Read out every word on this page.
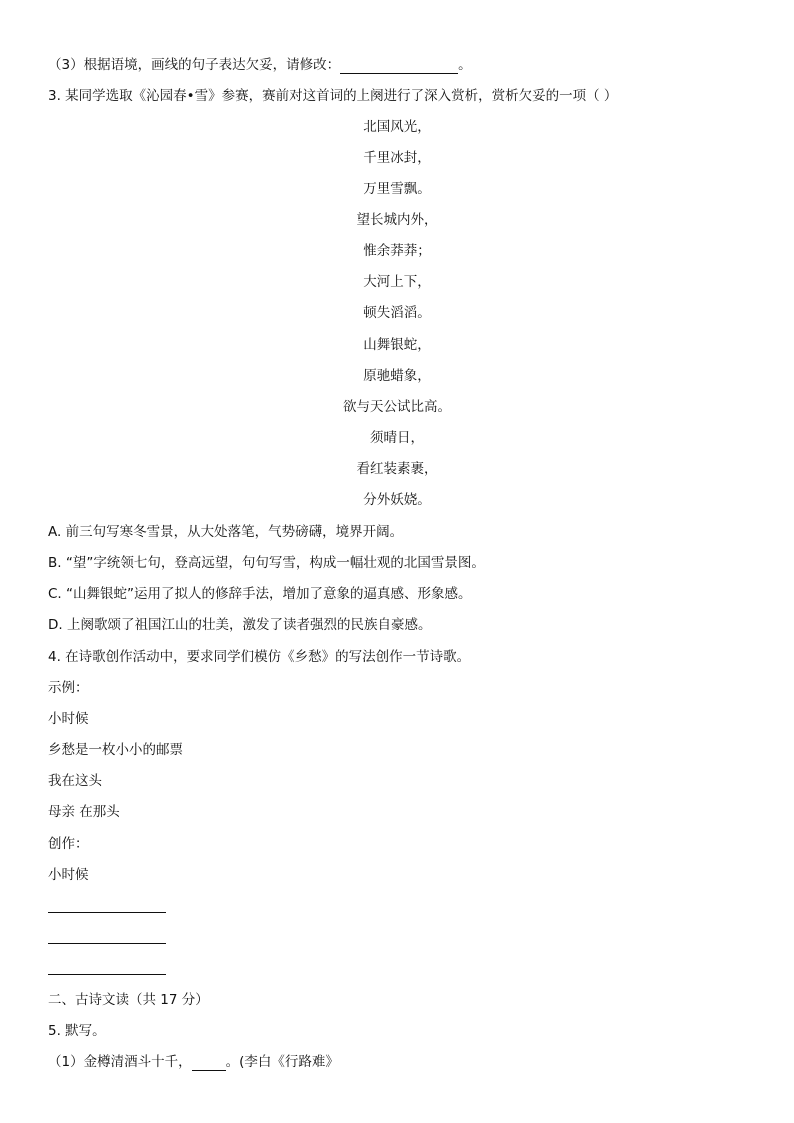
（3）根据语境，画线的句子表达欠妥，请修改：	。
3. 某同学选取《沁园春•雪》参赛，赛前对这首词的上阕进行了深入赏析，赏析欠妥的一项（ ）
北国风光，
千里冰封，
万里雪飘。
望长城内外，
惟余莽莽；
大河上下，
顿失滔滔。
山舞银蛇，
原驰蜡象，
欲与天公试比高。
须晴日，
看红装素裹，
分外妖娆。
A. 前三句写寒冬雪景，从大处落笔，气势磅礴，境界开阔。
B. “望”字统领七句，登高远望，句句写雪，构成一幅壮观的北国雪景图。
C. “山舞银蛇”运用了拟人的修辞手法，增加了意象的逼真感、形象感。
D. 上阕歌颂了祖国江山的壮美，激发了读者强烈的民族自豪感。
4. 在诗歌创作活动中，要求同学们模仿《乡愁》的写法创作一节诗歌。
示例：
小时候
乡愁是一枚小小的邮票
我在这头
母亲 在那头
创作：
小时候
二、古诗文读（共 17 分）
5. 默写。
（1）金樽清酒斗十千，	。(李白《行路难》
